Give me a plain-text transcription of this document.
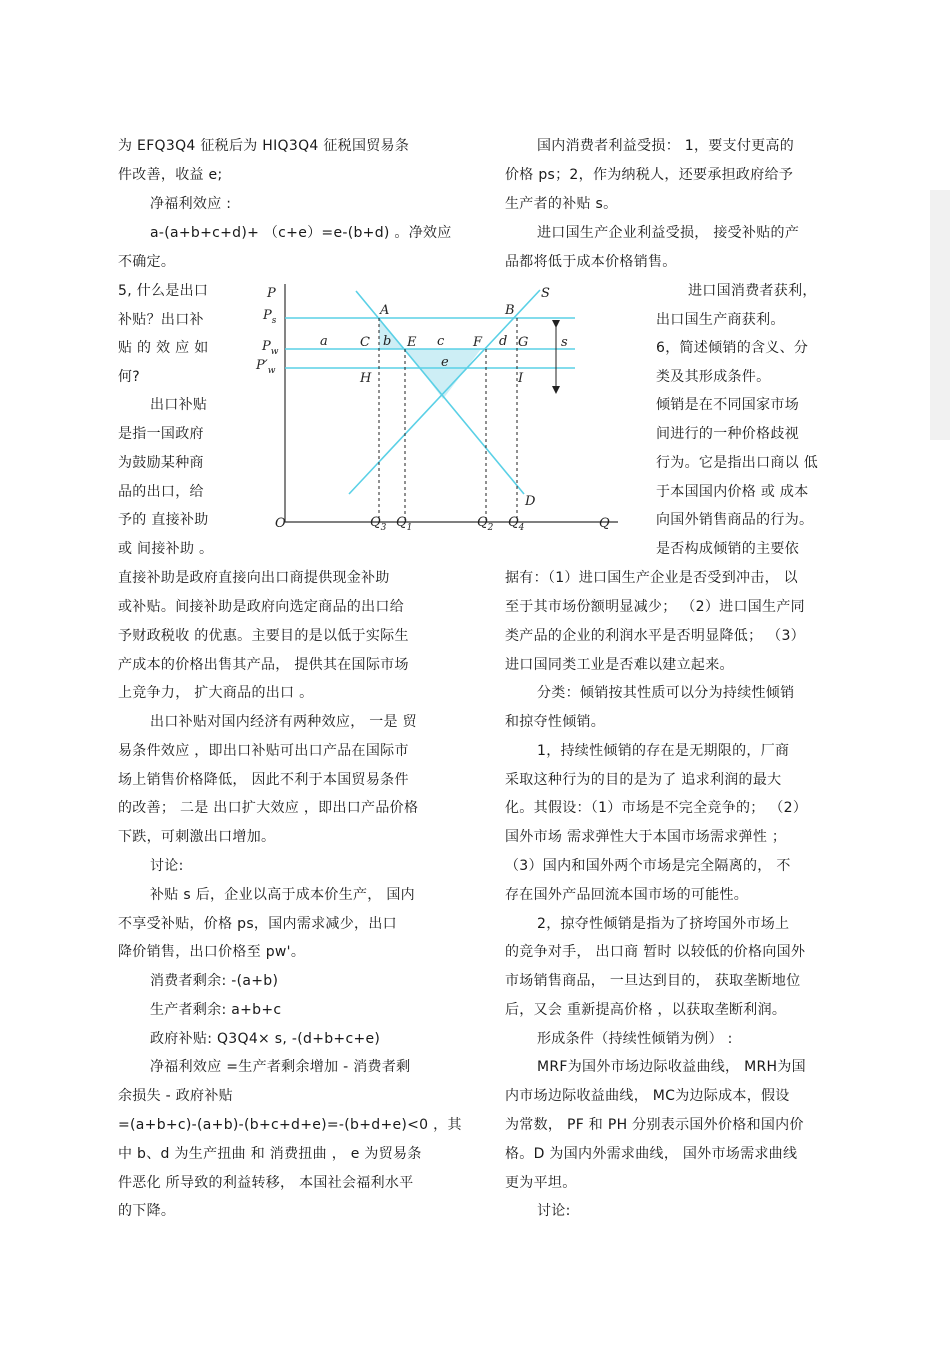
为 EFQ3Q4 征税后为 HIQ3Q4 征税国贸易条
件改善，收益 e;
净福利效应 :
a-(a+b+c+d)+ （c+e）=e-(b+d) 。净效应
不确定。
5, 什么是出口
补贴？出口补
贴 的 效 应 如
何?
出口补贴
是指一国政府
为鼓励某种商
品的出口，给
予的 直接补助
或 间接补助 。
直接补助是政府直接向出口商提供现金补助
或补贴。间接补助是政府向选定商品的出口给
予财政税收 的优惠。主要目的是以低于实际生
产成本的价格出售其产品， 提供其在国际市场
上竞争力， 扩大商品的出口 。
出口补贴对国内经济有两种效应， 一是 贸
易条件效应 ，即出口补贴可出口产品在国际市
场上销售价格降低， 因此不利于本国贸易条件
的改善； 二是 出口扩大效应 ，即出口产品价格
下跌，可刺激出口增加。
讨论:
补贴 s 后，企业以高于成本价生产， 国内
不享受补贴，价格 ps，国内需求减少，出口
降价销售，出口价格至 pw'。
消费者剩余: -(a+b)
生产者剩余: a+b+c
政府补贴: Q3Q4× s, -(d+b+c+e)
净福利效应 =生产者剩余增加 - 消费者剩
余损失 - 政府补贴
=(a+b+c)-(a+b)-(b+c+d+e)=-(b+d+e)<0 ，其
中 b、d 为生产扭曲 和 消费扭曲 ， e 为贸易条
件恶化 所导致的利益转移， 本国社会福利水平
的下降。
国内消费者利益受损： 1，要支付更高的
价格 ps；2，作为纳税人，还要承担政府给予
生产者的补贴 s。
进口国生产企业利益受损， 接受补贴的产
品都将低于成本价格销售。
进口国消费者获利，
出口国生产商获利。
6，简述倾销的含义、分
类及其形成条件。
倾销是在不同国家市场
间进行的一种价格歧视
行为。它是指出口商以 低
于本国国内价格 或 成本
向国外销售商品的行为。
是否构成倾销的主要依
据有：（1）进口国生产企业是否受到冲击， 以
至于其市场份额明显减少； （2）进口国生产同
类产品的企业的利润水平是否明显降低； （3）
进口国同类工业是否难以建立起来。
分类：倾销按其性质可以分为持续性倾销
和掠夺性倾销。
1，持续性倾销的存在是无期限的，厂商
采取这种行为的目的是为了 追求利润的最大
化。其假设：（1）市场是不完全竞争的； （2）
国外市场 需求弹性大于本国市场需求弹性 ；
（3）国内和国外两个市场是完全隔离的， 不
存在国外产品回流本国市场的可能性。
2，掠夺性倾销是指为了挤垮国外市场上
的竞争对手， 出口商 暂时 以较低的价格向国外
市场销售商品， 一旦达到目的， 获取垄断地位
后，又会 重新提高价格 ，以获取垄断利润。
形成条件（持续性倾销为例） :
MRF为国外市场边际收益曲线， MRH为国
内市场边际收益曲线， MC为边际成本，假设
为常数， PF 和 PH 分别表示国外价格和国内价
格。D 为国内外需求曲线， 国外市场需求曲线
更为平坦。
讨论:
P
Q
O
$P_s$
$P_w$
$P'_w$
$Q_3$ $Q_1$	$Q_2$ $Q_4$
S
D
s
A	B
C	E	F	G
H	I
a	b	c	d
e
